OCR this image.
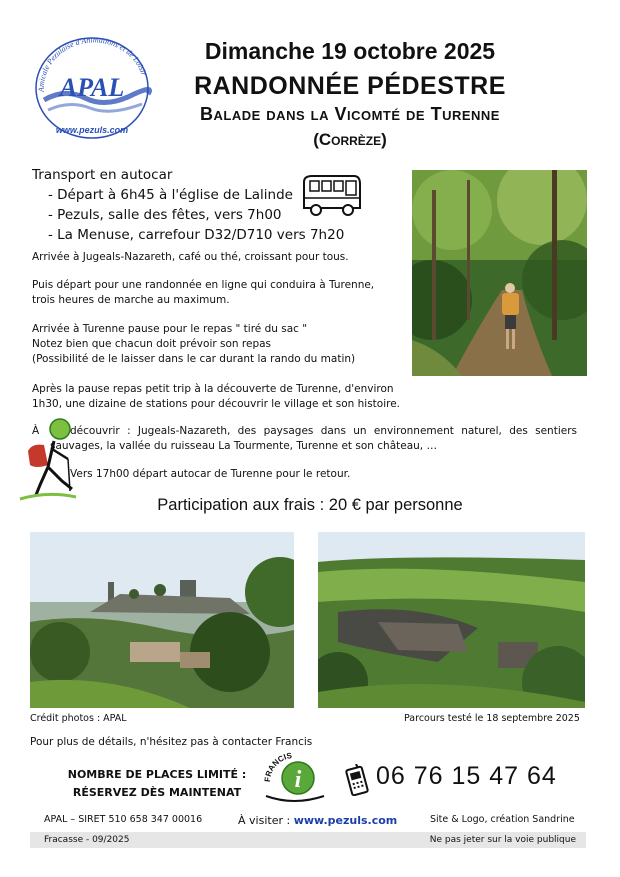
APAL
www.pezuls.com
Amicale Pezulaise d'Animations et de Loisir
Dimanche 19 octobre 2025
RANDONNÉE PÉDESTRE
Balade dans la Vicomté de Turenne
(Corrèze)
Transport en autocar
- Départ à 6h45 à l'église de Lalinde
- Pezuls, salle des fêtes, vers 7h00
- La Menuse, carrefour D32/D710 vers 7h20
Arrivée à Jugeals-Nazareth, café ou thé, croissant pour tous.
Puis départ pour une randonnée en ligne qui conduira à Turenne,
trois heures de marche au maximum.
Arrivée à Turenne pause pour le repas " tiré du sac "
Notez bien que chacun doit prévoir son repas
(Possibilité de le laisser dans le car durant la rando du matin)
Après la pause repas petit trip à la découverte de Turenne, d'environ
1h30, une dizaine de stations pour découvrir le village et son histoire.
À	découvrir : Jugeals-Nazareth, des paysages dans un environnement naturel, des sentiers
sauvages, la vallée du ruisseau La Tourmente, Turenne et son château, …
Vers 17h00 départ autocar de Turenne pour le retour.
Participation aux frais : 20 € par personne
Crédit photos : APAL	Parcours testé le 18 septembre 2025
Pour plus de détails, n'hésitez pas à contacter Francis
NOMBRE DE PLACES LIMITÉ :
RÉSERVEZ DÈS MAINTENAT
FRANCIS
i	06 76 15 47 64
APAL – SIRET 510 658 347 00016	À visiter : www.pezuls.com	Site & Logo, création Sandrine
Fracasse - 09/2025	Ne pas jeter sur la voie publique
